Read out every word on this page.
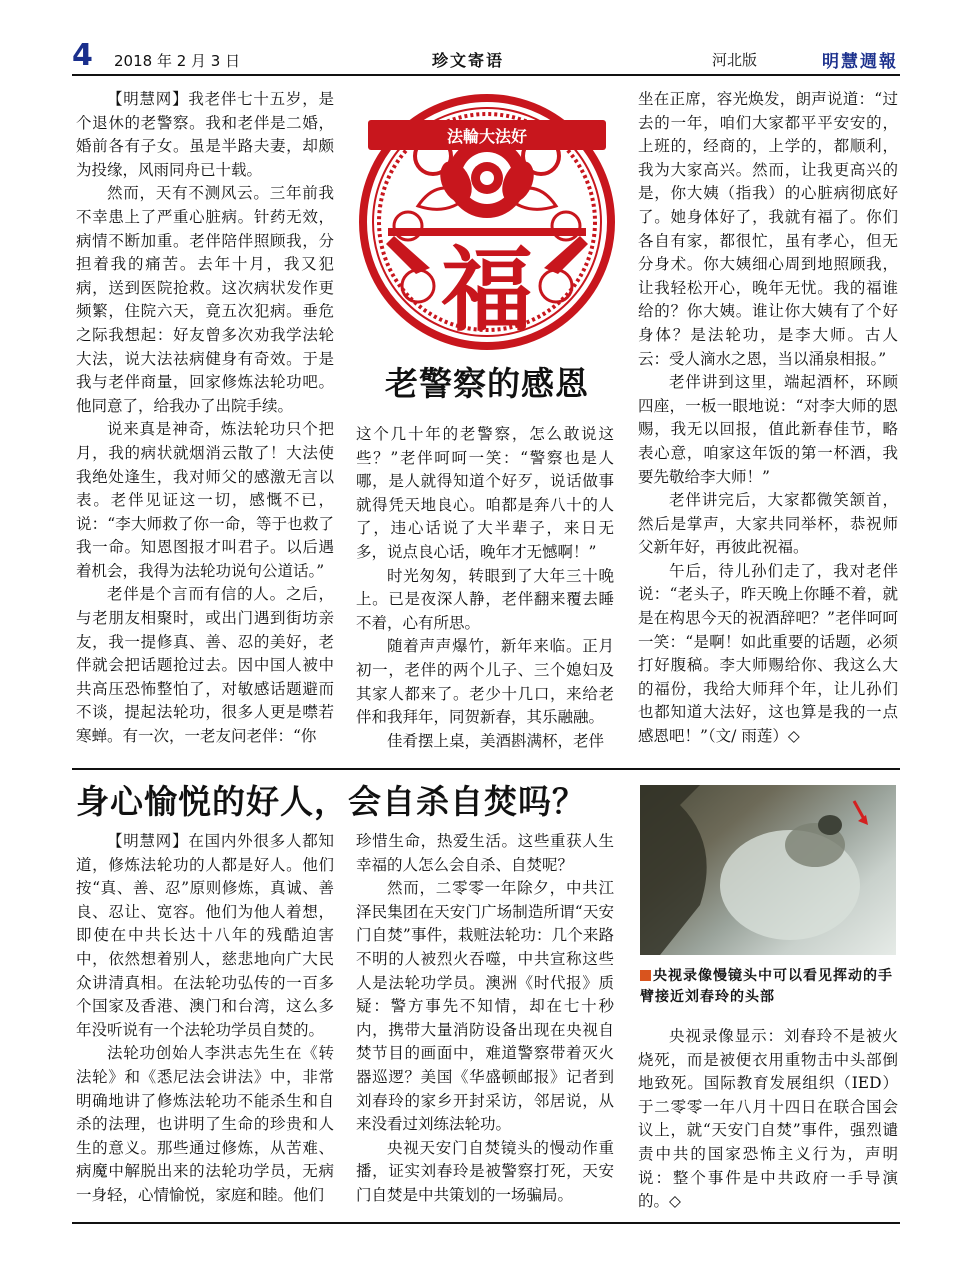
4 2018 年 2 月 3 日	珍文寄语	河北版	明慧週報

【明慧网】我老伴七十五岁，是个退休的老警察。我和老伴是二婚，婚前各有子女。虽是半路夫妻，却颇为投缘，风雨同舟已十载。

然而，天有不测风云。三年前我不幸患上了严重心脏病。针药无效，病情不断加重。老伴陪伴照顾我，分担着我的痛苦。去年十月，我又犯病，送到医院抢救。这次病状发作更频繁，住院六天，竟五次犯病。垂危之际我想起：好友曾多次劝我学法轮大法，说大法祛病健身有奇效。于是我与老伴商量，回家修炼法轮功吧。他同意了，给我办了出院手续。

说来真是神奇，炼法轮功只个把月，我的病状就烟消云散了！大法使我绝处逢生，我对师父的感激无言以表。老伴见证这一切，感慨不已，说：“李大师救了你一命，等于也救了我一命。知恩图报才叫君子。以后遇着机会，我得为法轮功说句公道话。”

老伴是个言而有信的人。之后，与老朋友相聚时，或出门遇到街坊亲友，我一提修真、善、忍的美好，老伴就会把话题抢过去。因中国人被中共高压恐怖整怕了，对敏感话题避而不谈，提起法轮功，很多人更是噤若寒蝉。有一次，一老友问老伴：“你

法輪大法好
福
老警察的感恩

这个几十年的老警察，怎么敢说这些？”老伴呵呵一笑：“警察也是人哪，是人就得知道个好歹，说话做事就得凭天地良心。咱都是奔八十的人了，违心话说了大半辈子，来日无多，说点良心话，晚年才无憾啊！”

时光匆匆，转眼到了大年三十晚上。已是夜深人静，老伴翻来覆去睡不着，心有所思。

随着声声爆竹，新年来临。正月初一，老伴的两个儿子、三个媳妇及其家人都来了。老少十几口，来给老伴和我拜年，同贺新春，其乐融融。

佳肴摆上桌，美酒斟满杯，老伴

坐在正席，容光焕发，朗声说道：“过去的一年，咱们大家都平平安安的，上班的，经商的，上学的，都顺利，我为大家高兴。然而，让我更高兴的是，你大姨（指我）的心脏病彻底好了。她身体好了，我就有福了。你们各自有家，都很忙，虽有孝心，但无分身术。你大姨细心周到地照顾我，让我轻松开心，晚年无忧。我的福谁给的？你大姨。谁让你大姨有了个好身体？是法轮功，是李大师。古人云：受人滴水之恩，当以涌泉相报。”

老伴讲到这里，端起酒杯，环顾四座，一板一眼地说：“对李大师的恩赐，我无以回报，值此新春佳节，略表心意，咱家这年饭的第一杯酒，我要先敬给李大师！”

老伴讲完后，大家都微笑颔首，然后是掌声，大家共同举杯，恭祝师父新年好，再彼此祝福。

午后，待儿孙们走了，我对老伴说：“老头子，昨天晚上你睡不着，就是在构思今天的祝酒辞吧？”老伴呵呵一笑：“是啊！如此重要的话题，必须打好腹稿。李大师赐给你、我这么大的福份，我给大师拜个年，让儿孙们也都知道大法好，这也算是我的一点感恩吧！”（文/ 雨莲）◇

身心愉悦的好人，会自杀自焚吗？

【明慧网】在国内外很多人都知道，修炼法轮功的人都是好人。他们按“真、善、忍”原则修炼，真诚、善良、忍让、宽容。他们为他人着想，即使在中共长达十八年的残酷迫害中，依然想着别人，慈悲地向广大民众讲清真相。在法轮功弘传的一百多个国家及香港、澳门和台湾，这么多年没听说有一个法轮功学员自焚的。

法轮功创始人李洪志先生在《转法轮》和《悉尼法会讲法》中，非常明确地讲了修炼法轮功不能杀生和自杀的法理，也讲明了生命的珍贵和人生的意义。那些通过修炼，从苦难、病魔中解脱出来的法轮功学员，无病一身轻，心情愉悦，家庭和睦。他们

珍惜生命，热爱生活。这些重获人生幸福的人怎么会自杀、自焚呢？

然而，二零零一年除夕，中共江泽民集团在天安门广场制造所谓“天安门自焚”事件，栽赃法轮功：几个来路不明的人被烈火吞噬，中共宣称这些人是法轮功学员。澳洲《时代报》质疑：警方事先不知情，却在七十秒内，携带大量消防设备出现在央视自焚节目的画面中，难道警察带着灭火器巡逻？美国《华盛顿邮报》记者到刘春玲的家乡开封采访，邻居说，从来没看过刘练法轮功。

央视天安门自焚镜头的慢动作重播，证实刘春玲是被警察打死，天安门自焚是中共策划的一场骗局。

央视录像慢镜头中可以看见挥动的手臂接近刘春玲的头部

央视录像显示：刘春玲不是被火烧死，而是被便衣用重物击中头部倒地致死。国际教育发展组织（IED）于二零零一年八月十四日在联合国会议上，就“天安门自焚”事件，强烈谴责中共的国家恐怖主义行为，声明说：整个事件是中共政府一手导演的。◇
